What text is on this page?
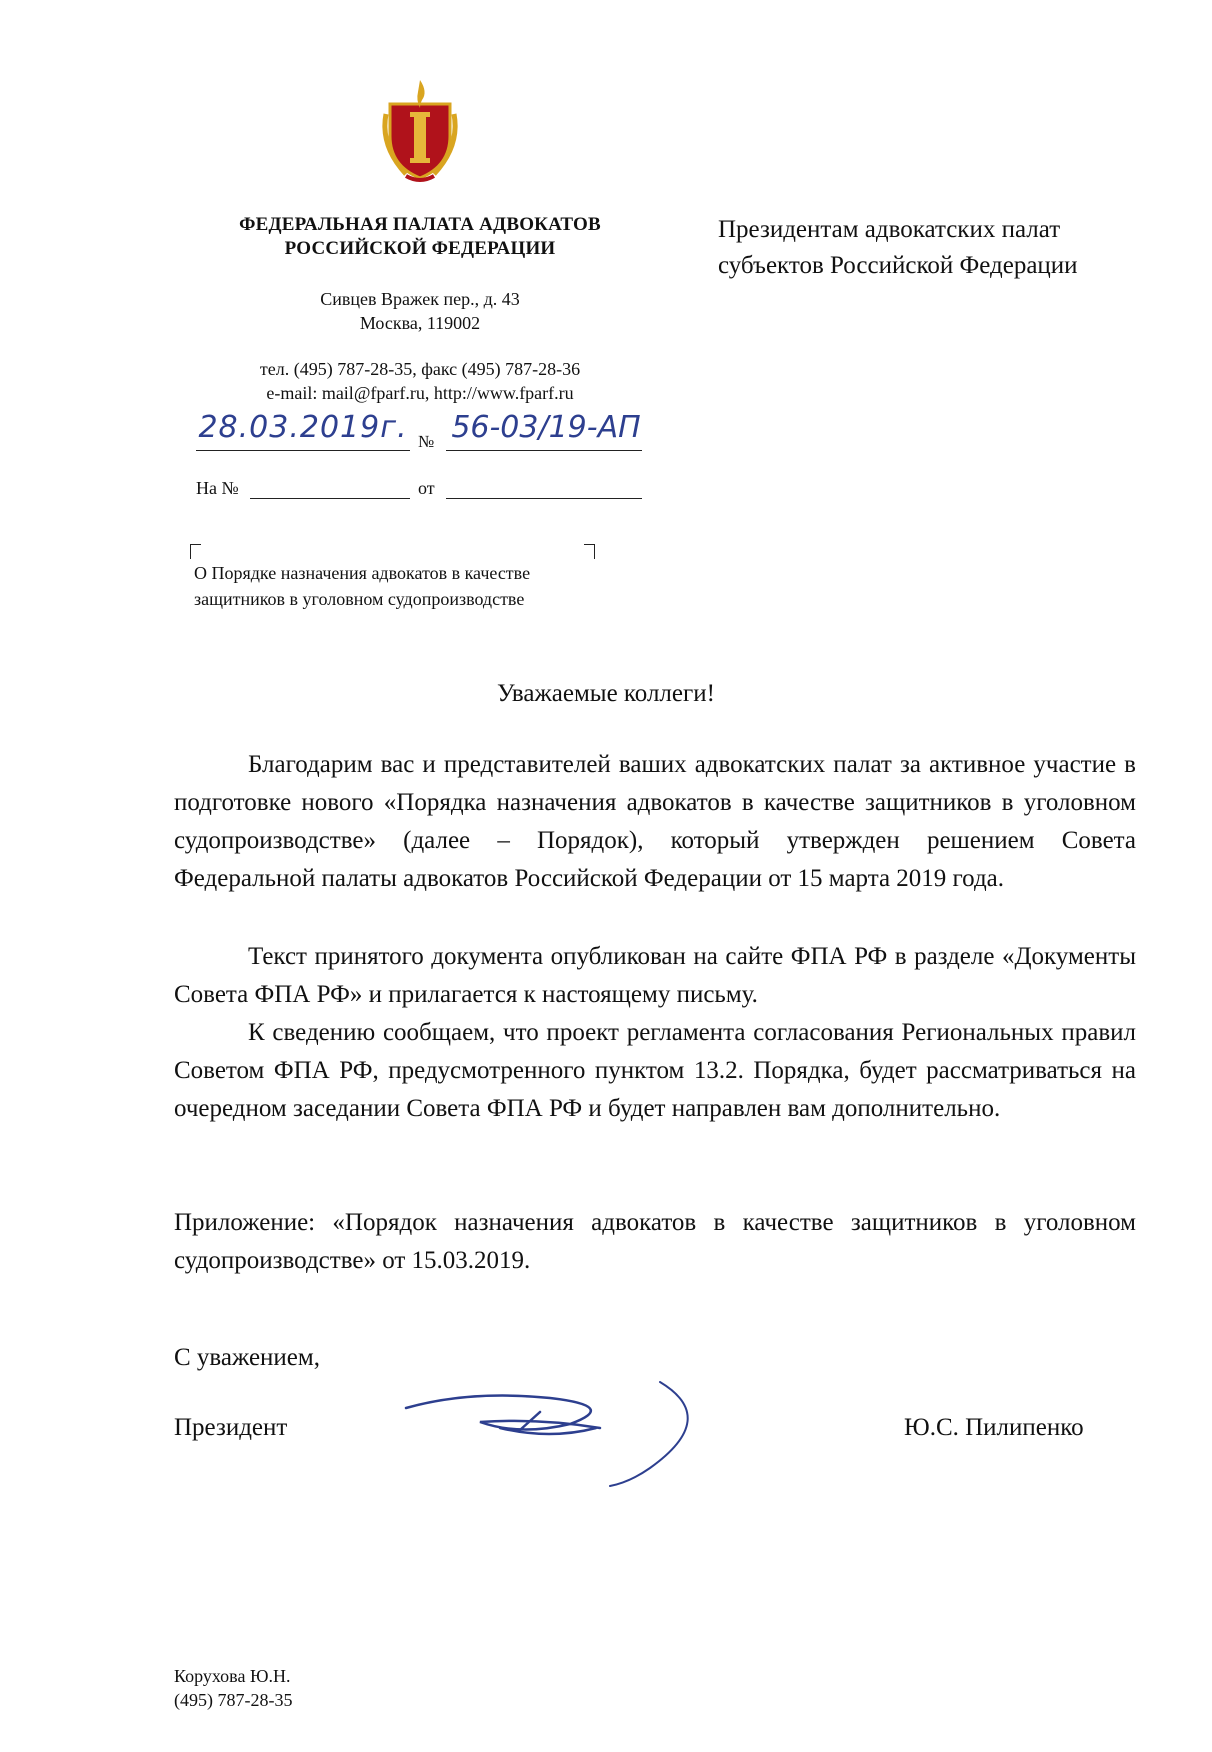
ФЕДЕРАЛЬНАЯ ПАЛАТА АДВОКАТОВ
РОССИЙСКОЙ ФЕДЕРАЦИИ
Сивцев Вражек пер., д. 43
Москва, 119002
тел. (495) 787-28-35, факс (495) 787-28-36
e-mail: mail@fparf.ru, http://www.fparf.ru
28.03.2019г. № 56-03/19-АП
На №	от
О Порядке назначения адвокатов в качестве
защитников в уголовном судопроизводстве
Президентам адвокатских палат
субъектов Российской Федерации
Уважаемые коллеги!
Благодарим вас и представителей ваших адвокатских палат за активное участие в подготовке нового «Порядка назначения адвокатов в качестве защитников в уголовном судопроизводстве» (далее – Порядок), который утвержден решением Совета Федеральной палаты адвокатов Российской Федерации от 15 марта 2019 года.
Текст принятого документа опубликован на сайте ФПА РФ в разделе «Документы Совета ФПА РФ» и прилагается к настоящему письму.
К сведению сообщаем, что проект регламента согласования Региональных правил Советом ФПА РФ, предусмотренного пунктом 13.2. Порядка, будет рассматриваться на очередном заседании Совета ФПА РФ и будет направлен вам дополнительно.
Приложение: «Порядок назначения адвокатов в качестве защитников в уголовном судопроизводстве» от 15.03.2019.
С уважением,
Президент	Ю.С. Пилипенко
Корухова Ю.Н.
(495) 787-28-35
